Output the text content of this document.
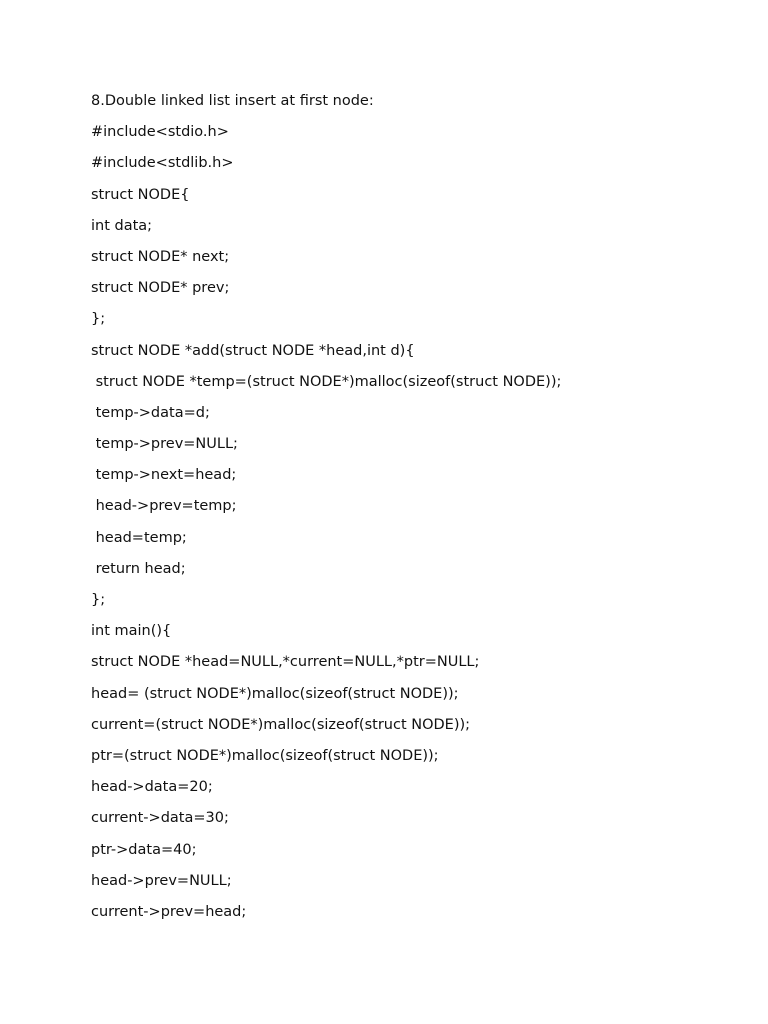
8.Double linked list insert at first node:
#include<stdio.h>
#include<stdlib.h>
struct NODE{
int data;
struct NODE* next;
struct NODE* prev;
};
struct NODE *add(struct NODE *head,int d){
struct NODE *temp=(struct NODE*)malloc(sizeof(struct NODE));
temp->data=d;
temp->prev=NULL;
temp->next=head;
head->prev=temp;
head=temp;
return head;
};
int main(){
struct NODE *head=NULL,*current=NULL,*ptr=NULL;
head= (struct NODE*)malloc(sizeof(struct NODE));
current=(struct NODE*)malloc(sizeof(struct NODE));
ptr=(struct NODE*)malloc(sizeof(struct NODE));
head->data=20;
current->data=30;
ptr->data=40;
head->prev=NULL;
current->prev=head;
